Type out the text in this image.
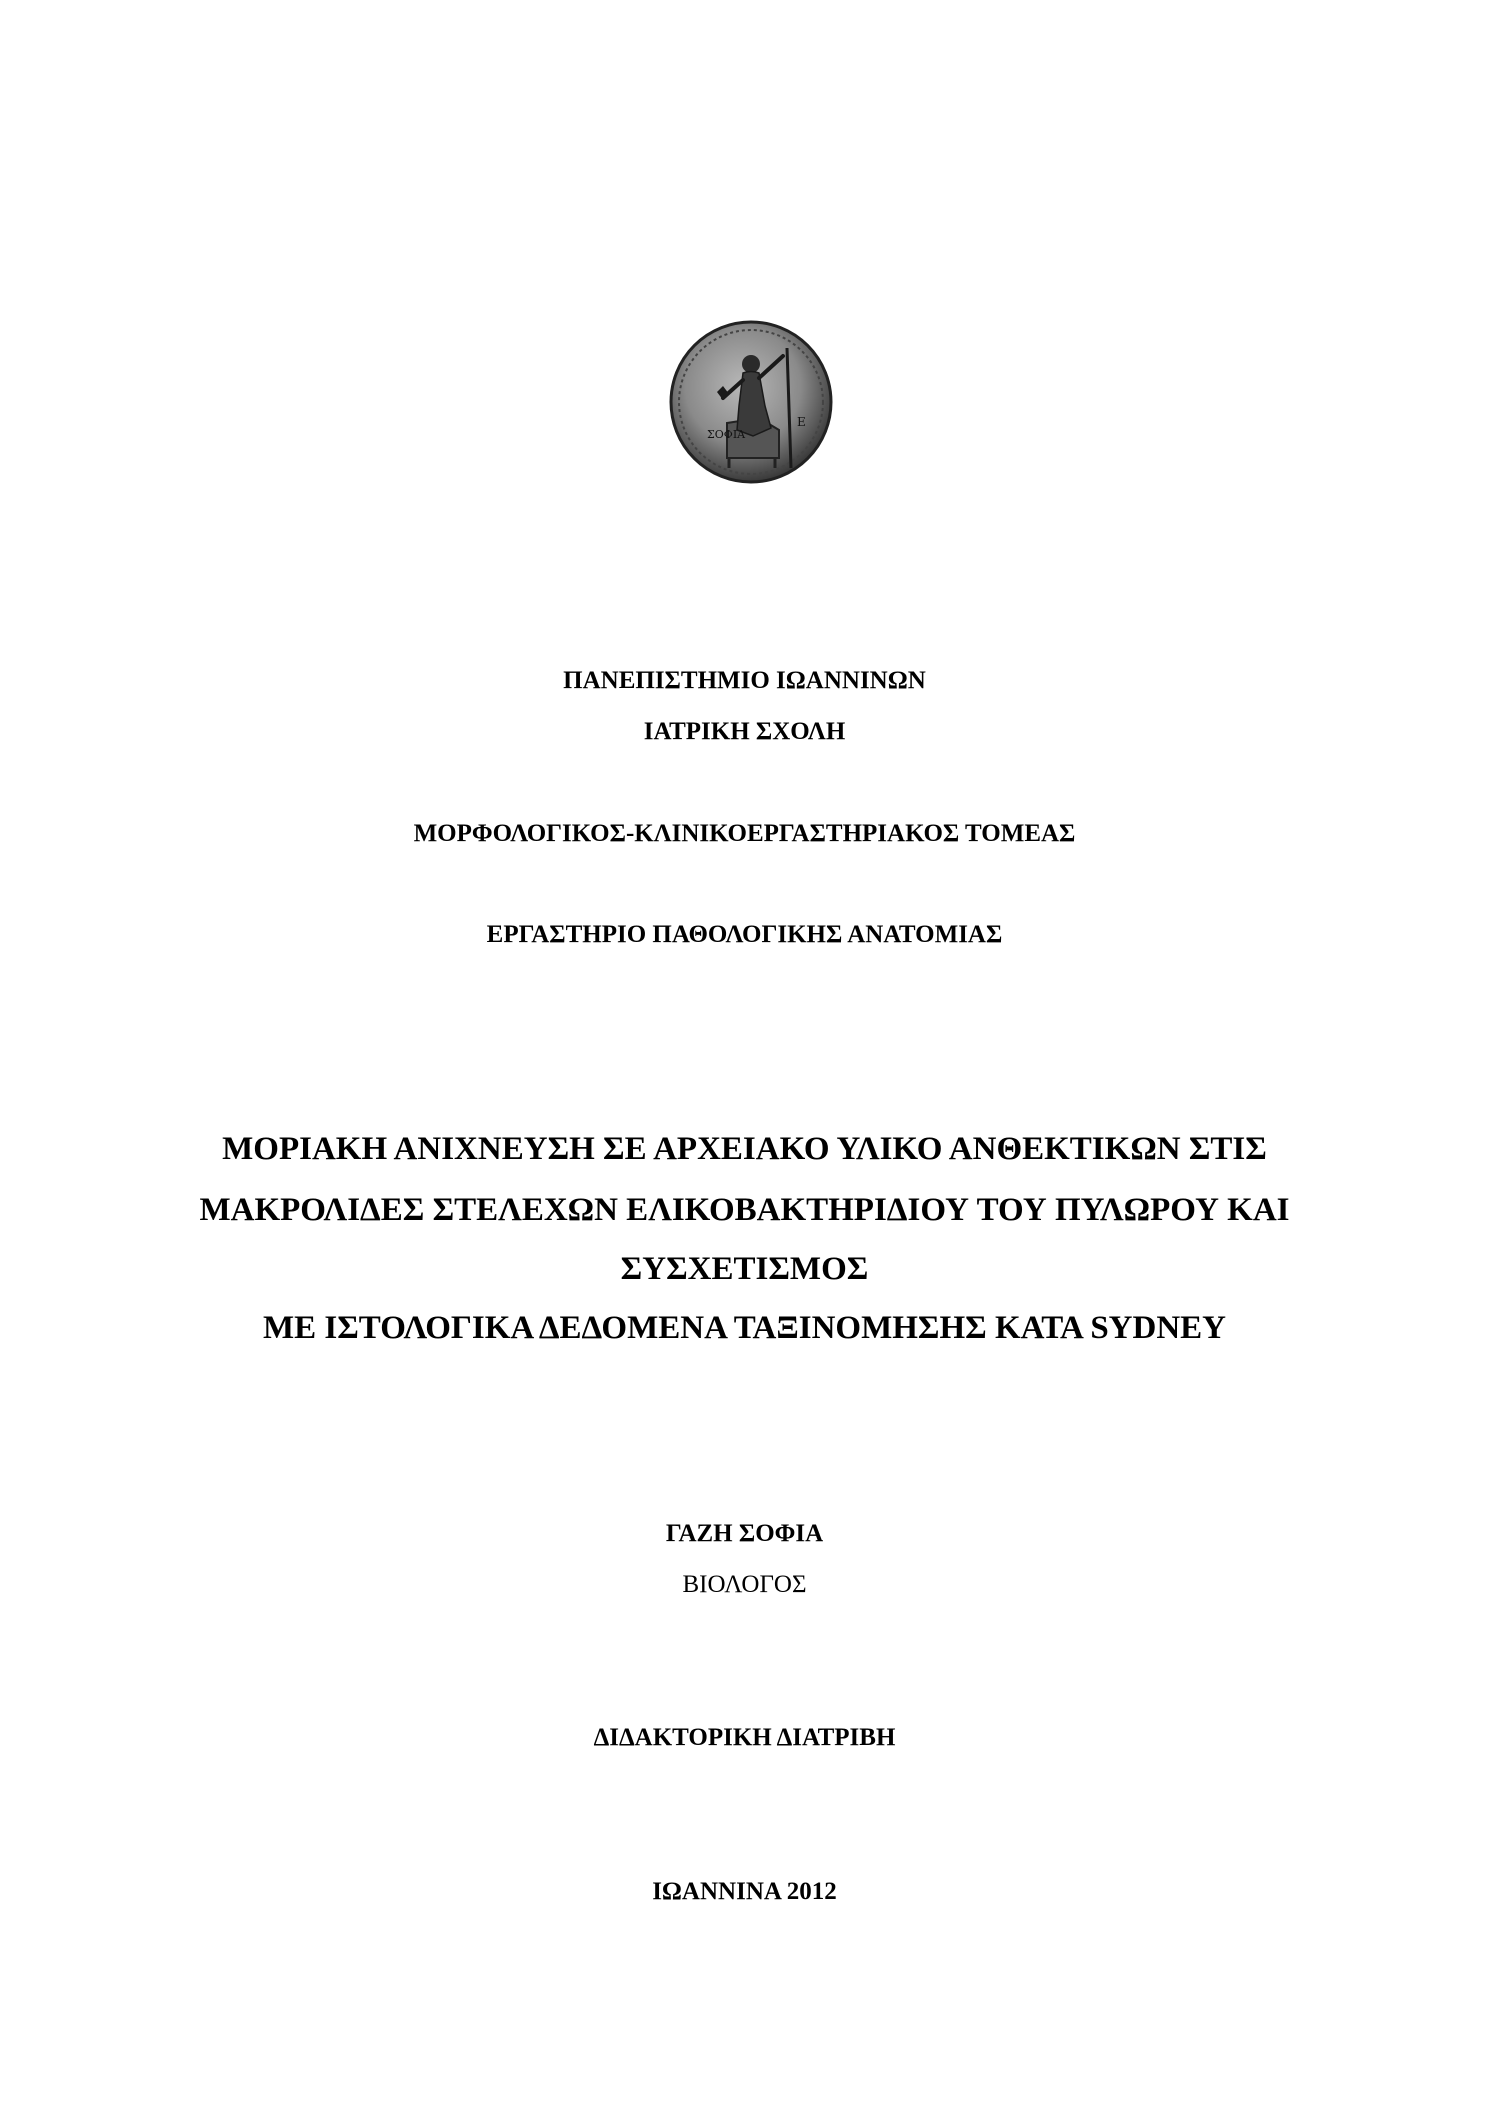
ΣΟΦΙΑ
Ε
ΠΑΝΕΠΙΣΤΗΜΙΟ ΙΩΑΝΝΙΝΩΝ
ΙΑΤΡΙΚΗ ΣΧΟΛΗ
ΜΟΡΦΟΛΟΓΙΚΟΣ-ΚΛΙΝΙΚΟΕΡΓΑΣΤΗΡΙΑΚΟΣ ΤΟΜΕΑΣ
ΕΡΓΑΣΤΗΡΙΟ ΠΑΘΟΛΟΓΙΚΗΣ ΑΝΑΤΟΜΙΑΣ
ΜΟΡΙΑΚΗ ΑΝΙΧΝΕΥΣΗ ΣΕ ΑΡΧΕΙΑΚΟ ΥΛΙΚΟ ΑΝΘΕΚΤΙΚΩΝ ΣΤΙΣ
ΜΑΚΡΟΛΙΔΕΣ ΣΤΕΛΕΧΩΝ ΕΛΙΚΟΒΑΚΤΗΡΙΔΙΟΥ ΤΟΥ ΠΥΛΩΡΟΥ ΚΑΙ
ΣΥΣΧΕΤΙΣΜΟΣ
ΜΕ ΙΣΤΟΛΟΓΙΚΑ ΔΕΔΟΜΕΝΑ ΤΑΞΙΝΟΜΗΣΗΣ ΚΑΤΑ SYDNEY
ΓΑΖΗ ΣΟΦΙΑ
ΒΙΟΛΟΓΟΣ
ΔΙΔΑΚΤΟΡΙΚΗ ΔΙΑΤΡΙΒΗ
ΙΩΑΝΝΙΝΑ 2012
